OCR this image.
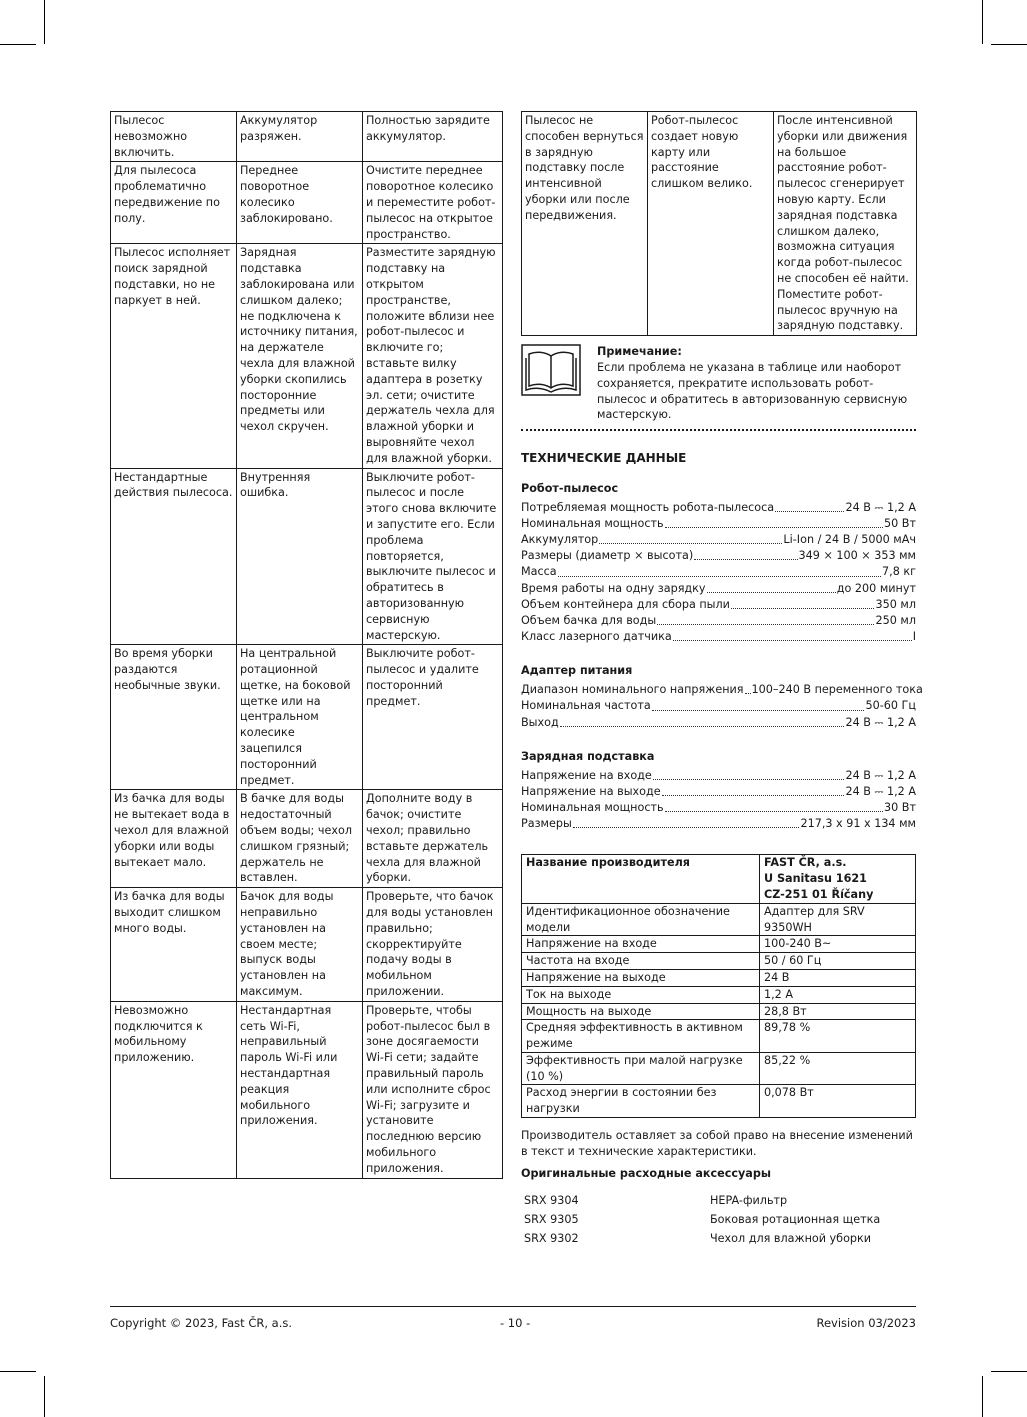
Пылесос невозможно включить.	Аккумулятор разряжен.	Полностью зарядите аккумулятор.
Для пылесоса проблематично передвижение по полу.	Переднее поворотное колесико заблокировано.	Очистите переднее поворотное колесико и переместите робот-пылесос на открытое пространство.
Пылесос исполняет поиск зарядной подставки, но не паркует в ней.	Зарядная подставка заблокирована или слишком далеко; не подключена к источнику питания, на держателе чехла для влажной уборки скопились посторонние предметы или чехол скручен.	Разместите зарядную подставку на открытом пространстве, положите вблизи нее робот-пылесос и включите го; вставьте вилку адаптера в розетку эл. сети; очистите держатель чехла для влажной уборки и выровняйте чехол для влажной уборки.
Нестандартные действия пылесоса.	Внутренняя ошибка.	Выключите робот-пылесос и после этого снова включите и запустите его. Если проблема повторяется, выключите пылесос и обратитесь в авторизованную сервисную мастерскую.
Во время уборки раздаются необычные звуки.	На центральной ротационной щетке, на боковой щетке или на центральном колесике зацепился посторонний предмет.	Выключите робот-пылесос и удалите посторонний предмет.
Из бачка для воды не вытекает вода в чехол для влажной уборки или воды вытекает мало.	В бачке для воды недостаточный объем воды; чехол слишком грязный; держатель не вставлен.	Дополните воду в бачок; очистите чехол; правильно вставьте держатель чехла для влажной уборки.
Из бачка для воды выходит слишком много воды.	Бачок для воды неправильно установлен на своем месте; выпуск воды установлен на максимум.	Проверьте, что бачок для воды установлен правильно; скорректируйте подачу воды в мобильном приложении.
Невозможно подключится к мобильному приложению.	Нестандартная сеть Wi-Fi, неправильный пароль Wi-Fi или нестандартная реакция мобильного приложения.	Проверьте, чтобы робот-пылесос был в зоне досягаемости Wi-Fi сети; задайте правильный пароль или исполните сброс Wi-Fi; загрузите и установите последнюю версию мобильного приложения.
Пылесос не способен вернуться в зарядную подставку после интенсивной уборки или после передвижения.	Робот-пылесос создает новую карту или расстояние слишком велико.	После интенсивной уборки или движения на большое расстояние робот-пылесос сгенерирует новую карту. Если зарядная подставка слишком далеко, возможна ситуация когда робот-пылесос не способен её найти. Поместите робот-пылесос вручную на зарядную подставку.
Примечание:
Если проблема не указана в таблице или наоборот сохраняется, прекратите использовать робот-пылесос и обратитесь в авторизованную сервисную мастерскую.
ТЕХНИЧЕСКИЕ ДАННЫЕ
Робот-пылесос
Потребляемая мощность робота-пылесоса	24 В ⎓ 1,2 А
Номинальная мощность	50 Вт
Аккумулятор	Li-Ion / 24 В / 5000 мАч
Размеры (диаметр × высота)	349 × 100 × 353 мм
Масса	7,8 кг
Время работы на одну зарядку	до 200 минут
Объем контейнера для сбора пыли	350 мл
Объем бачка для воды	250 мл
Класс лазерного датчика	I
Адаптер питания
Диапазон номинального напряжения 100–240 В переменного тока
Номинальная частота	50-60 Гц
Выход	24 В ⎓ 1,2 А
Зарядная подставка
Напряжение на входе	24 В ⎓ 1,2 А
Напряжение на выходе	24 В ⎓ 1,2 А
Номинальная мощность	30 Вт
Размеры	217,3 x 91 x 134 мм
Название производителя	FAST ČR, a.s.
U Sanitasu 1621
CZ-251 01 Říčany
Идентификационное обозначение модели	Адаптер для SRV 9350WH
Напряжение на входе	100-240 В~
Частота на входе	50 / 60 Гц
Напряжение на выходе	24 В
Ток на выходе	1,2 А
Мощность на выходе	28,8 Вт
Средняя эффективность в активном режиме	89,78 %
Эффективность при малой нагрузке (10 %)	85,22 %
Расход энергии в состоянии без нагрузки	0,078 Вт
Производитель оставляет за собой право на внесение изменений в текст и технические характеристики.
Оригинальные расходные аксессуары
SRX 9304	HEPA-фильтр
SRX 9305	Боковая ротационная щетка
SRX 9302	Чехол для влажной уборки
Copyright © 2023, Fast ČR, a.s.	- 10 -	Revision 03/2023
